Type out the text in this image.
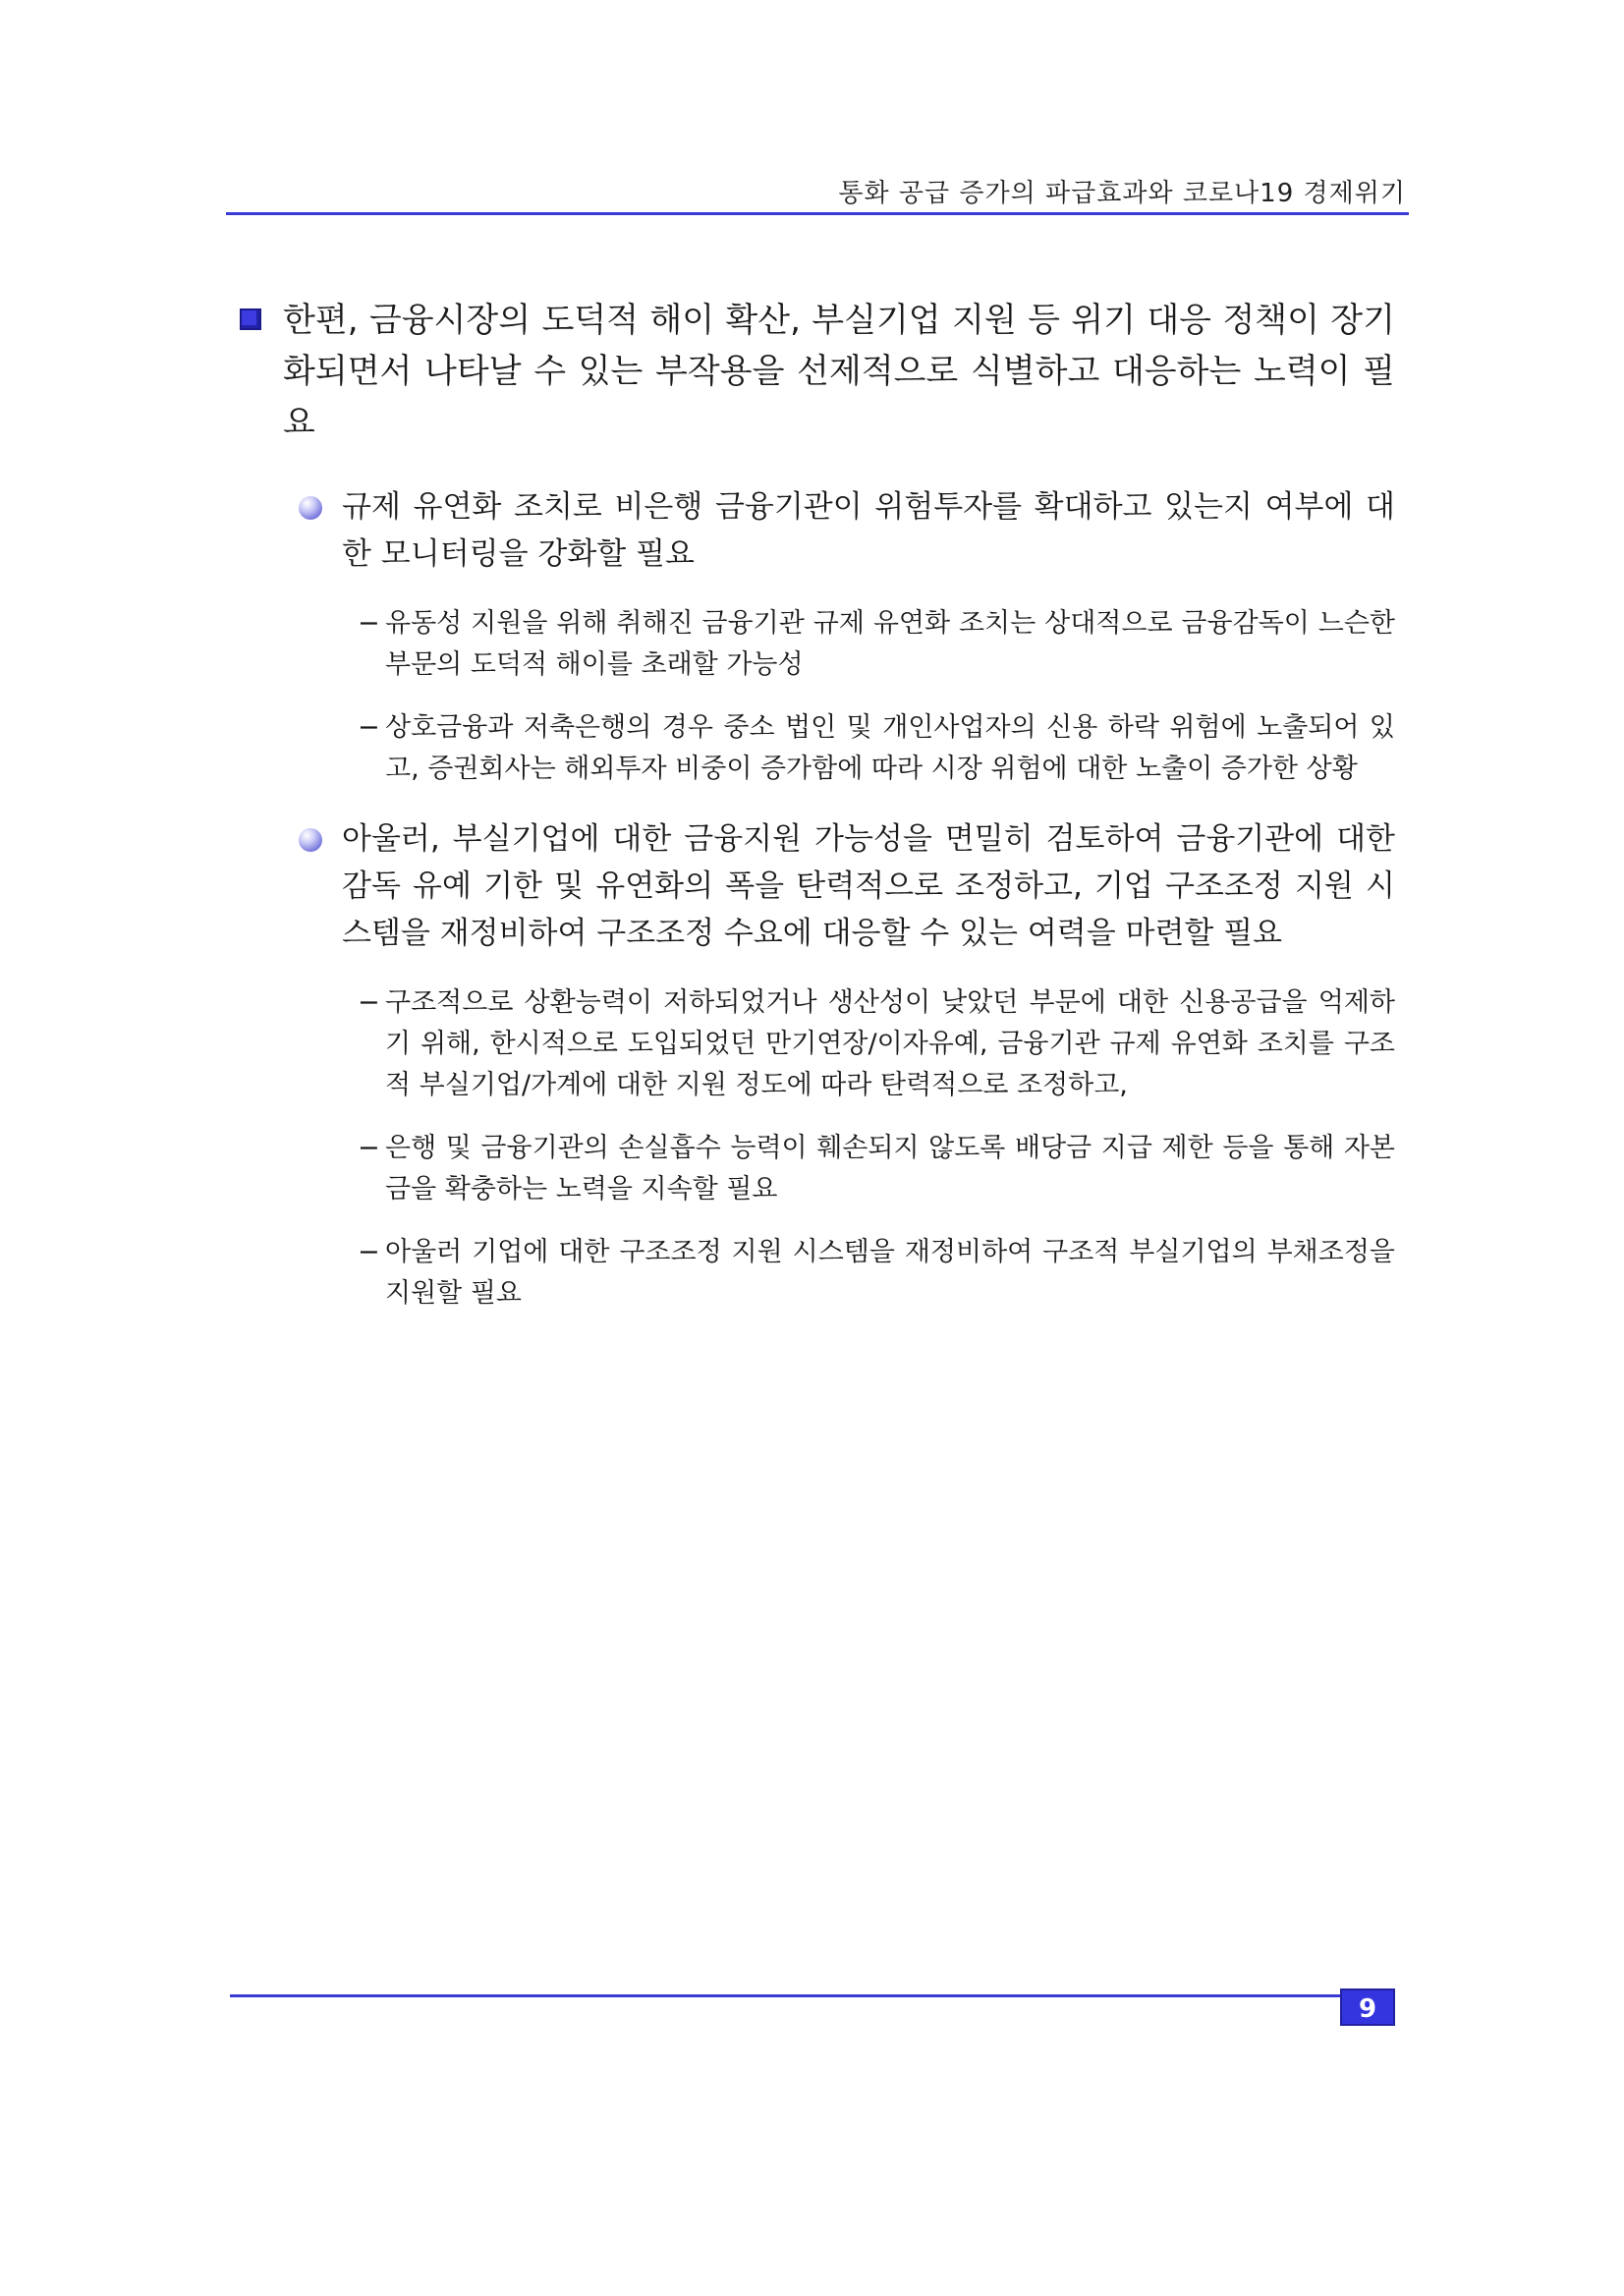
통화 공급 증가의 파급효과와 코로나19 경제위기
한편, 금융시장의 도덕적 해이 확산, 부실기업 지원 등 위기 대응 정책이 장기화되면서 나타날 수 있는 부작용을 선제적으로 식별하고 대응하는 노력이 필요
규제 유연화 조치로 비은행 금융기관이 위험투자를 확대하고 있는지 여부에 대한 모니터링을 강화할 필요
− 유동성 지원을 위해 취해진 금융기관 규제 유연화 조치는 상대적으로 금융감독이 느슨한 부문의 도덕적 해이를 초래할 가능성
− 상호금융과 저축은행의 경우 중소 법인 및 개인사업자의 신용 하락 위험에 노출되어 있고, 증권회사는 해외투자 비중이 증가함에 따라 시장 위험에 대한 노출이 증가한 상황
아울러, 부실기업에 대한 금융지원 가능성을 면밀히 검토하여 금융기관에 대한 감독 유예 기한 및 유연화의 폭을 탄력적으로 조정하고, 기업 구조조정 지원 시스템을 재정비하여 구조조정 수요에 대응할 수 있는 여력을 마련할 필요
− 구조적으로 상환능력이 저하되었거나 생산성이 낮았던 부문에 대한 신용공급을 억제하기 위해, 한시적으로 도입되었던 만기연장/이자유예, 금융기관 규제 유연화 조치를 구조적 부실기업/가계에 대한 지원 정도에 따라 탄력적으로 조정하고,
− 은행 및 금융기관의 손실흡수 능력이 훼손되지 않도록 배당금 지급 제한 등을 통해 자본금을 확충하는 노력을 지속할 필요
− 아울러 기업에 대한 구조조정 지원 시스템을 재정비하여 구조적 부실기업의 부채조정을 지원할 필요
9
